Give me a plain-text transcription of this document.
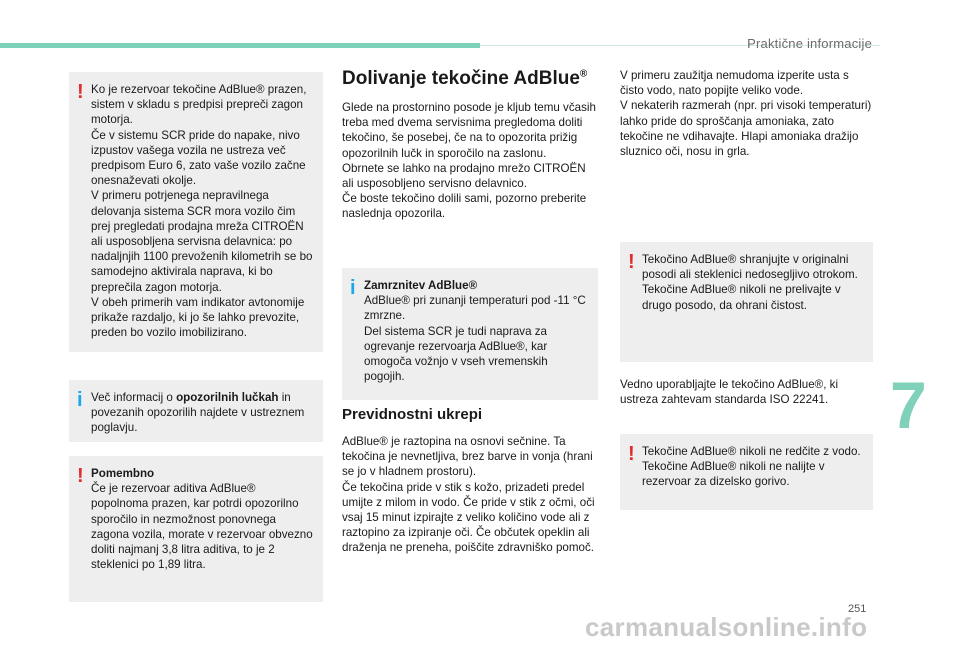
Praktične informacije
! Ko je rezervoar tekočine AdBlue® prazen, sistem v skladu s predpisi prepreči zagon motorja.
Če v sistemu SCR pride do napake, nivo izpustov vašega vozila ne ustreza več predpisom Euro 6, zato vaše vozilo začne onesnaževati okolje.
V primeru potrjenega nepravilnega delovanja sistema SCR mora vozilo čim prej pregledati prodajna mreža CITROËN ali usposobljena servisna delavnica: po nadaljnjih 1100 prevoženih kilometrih se bo samodejno aktivirala naprava, ki bo preprečila zagon motorja.
V obeh primerih vam indikator avtonomije prikaže razdaljo, ki jo še lahko prevozite, preden bo vozilo imobilizirano.
i Več informacij o opozorilnih lučkah in povezanih opozorilih najdete v ustreznem poglavju.
! Pomembno
Če je rezervoar aditiva AdBlue® popolnoma prazen, kar potrdi opozorilno sporočilo in nezmožnost ponovnega zagona vozila, morate v rezervoar obvezno doliti najmanj 3,8 litra aditiva, to je 2 steklenici po 1,89 litra.
Dolivanje tekočine AdBlue®
Glede na prostornino posode je kljub temu včasih treba med dvema servisnima pregledoma doliti tekočino, še posebej, če na to opozorita prižig opozorilnih lučk in sporočilo na zaslonu.
Obrnete se lahko na prodajno mrežo CITROËN ali usposobljeno servisno delavnico.
Če boste tekočino dolili sami, pozorno preberite naslednja opozorila.
i Zamrznitev AdBlue®
AdBlue® pri zunanji temperaturi pod -11 °C zmrzne.
Del sistema SCR je tudi naprava za ogrevanje rezervoarja AdBlue®, kar omogoča vožnjo v vseh vremenskih pogojih.
Previdnostni ukrepi
AdBlue® je raztopina na osnovi sečnine. Ta tekočina je nevnetljiva, brez barve in vonja (hrani se jo v hladnem prostoru).
Če tekočina pride v stik s kožo, prizadeti predel umijte z milom in vodo. Če pride v stik z očmi, oči vsaj 15 minut izpirajte z veliko količino vode ali z raztopino za izpiranje oči. Če občutek opeklin ali draženja ne preneha, poiščite zdravniško pomoč.
V primeru zaužitja nemudoma izperite usta s čisto vodo, nato popijte veliko vode.
V nekaterih razmerah (npr. pri visoki temperaturi) lahko pride do sproščanja amoniaka, zato tekočine ne vdihavajte. Hlapi amoniaka dražijo sluznico oči, nosu in grla.
! Tekočino AdBlue® shranjujte v originalni posodi ali steklenici nedosegljivo otrokom.
Tekočine AdBlue® nikoli ne prelivajte v drugo posodo, da ohrani čistost.
Vedno uporabljajte le tekočino AdBlue®, ki ustreza zahtevam standarda ISO 22241.
! Tekočine AdBlue® nikoli ne redčite z vodo.
Tekočine AdBlue® nikoli ne nalijte v rezervoar za dizelsko gorivo.
7
251
carmanualsonline.info
